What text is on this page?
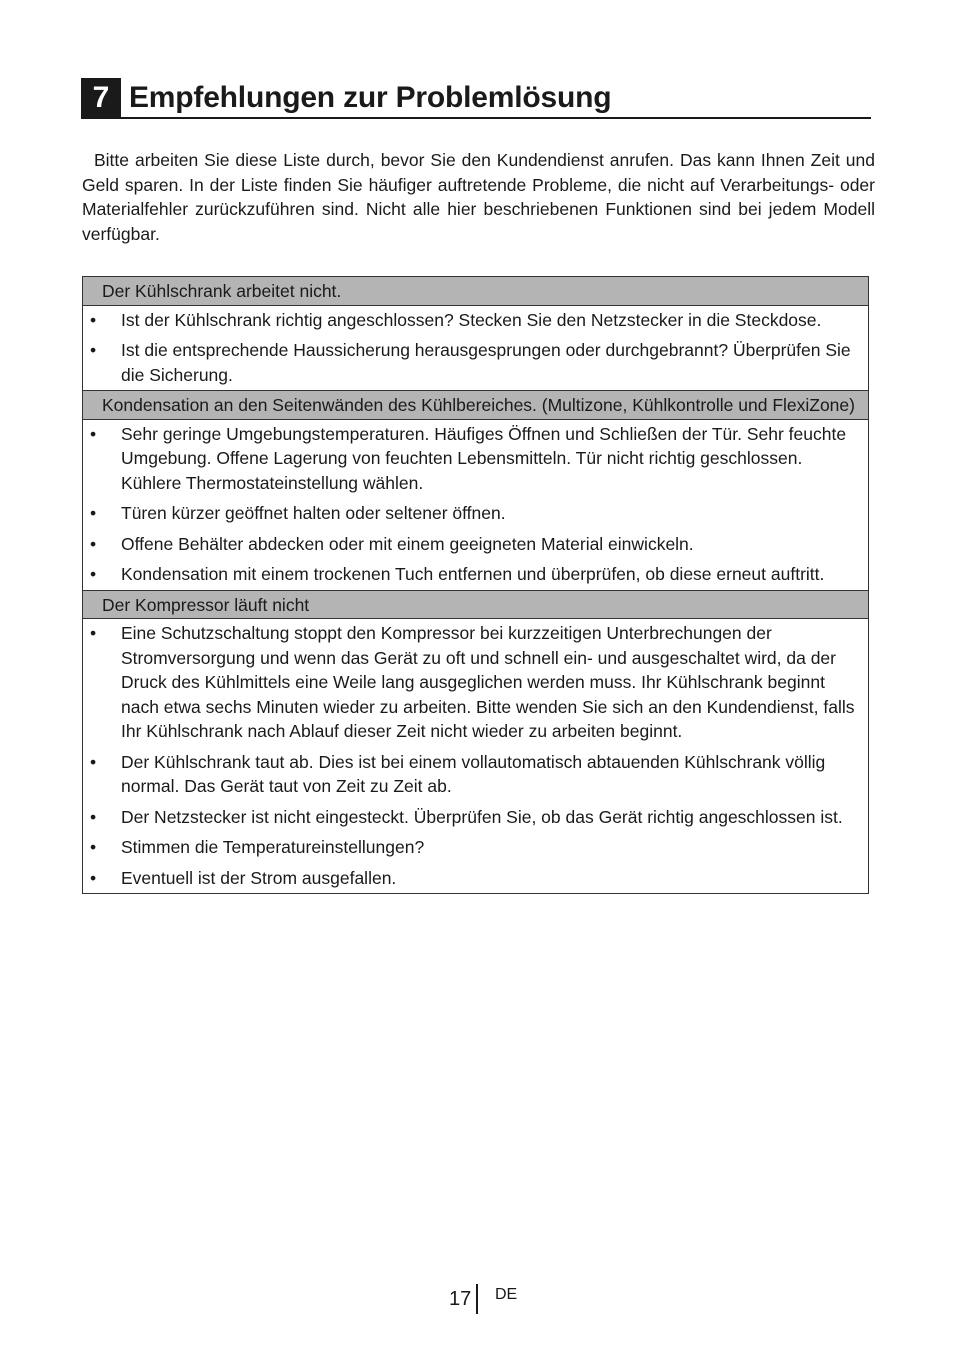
7 Empfehlungen zur Problemlösung

Bitte arbeiten Sie diese Liste durch, bevor Sie den Kundendienst anrufen. Das kann Ihnen Zeit und Geld sparen. In der Liste finden Sie häufiger auftretende Probleme, die nicht auf Verarbeitungs- oder Materialfehler zurückzuführen sind. Nicht alle hier beschriebenen Funktionen sind bei jedem Modell verfügbar.

Der Kühlschrank arbeitet nicht.

• Ist der Kühlschrank richtig angeschlossen? Stecken Sie den Netzstecker in die Steckdose.
• Ist die entsprechende Haussicherung herausgesprungen oder durchgebrannt? Überprüfen Sie die Sicherung.

Kondensation an den Seitenwänden des Kühlbereiches. (Multizone, Kühlkontrolle und FlexiZone)

• Sehr geringe Umgebungstemperaturen. Häufiges Öffnen und Schließen der Tür. Sehr feuchte Umgebung. Offene Lagerung von feuchten Lebensmitteln. Tür nicht richtig geschlossen. Kühlere Thermostateinstellung wählen.
• Türen kürzer geöffnet halten oder seltener öffnen.
• Offene Behälter abdecken oder mit einem geeigneten Material einwickeln.
• Kondensation mit einem trockenen Tuch entfernen und überprüfen, ob diese erneut auftritt.

Der Kompressor läuft nicht

• Eine Schutzschaltung stoppt den Kompressor bei kurzzeitigen Unterbrechungen der Stromversorgung und wenn das Gerät zu oft und schnell ein- und ausgeschaltet wird, da der Druck des Kühlmittels eine Weile lang ausgeglichen werden muss. Ihr Kühlschrank beginnt nach etwa sechs Minuten wieder zu arbeiten. Bitte wenden Sie sich an den Kundendienst, falls Ihr Kühlschrank nach Ablauf dieser Zeit nicht wieder zu arbeiten beginnt.
• Der Kühlschrank taut ab. Dies ist bei einem vollautomatisch abtauenden Kühlschrank völlig normal. Das Gerät taut von Zeit zu Zeit ab.
• Der Netzstecker ist nicht eingesteckt. Überprüfen Sie, ob das Gerät richtig angeschlossen ist.
• Stimmen die Temperatureinstellungen?
• Eventuell ist der Strom ausgefallen.
17 DE
